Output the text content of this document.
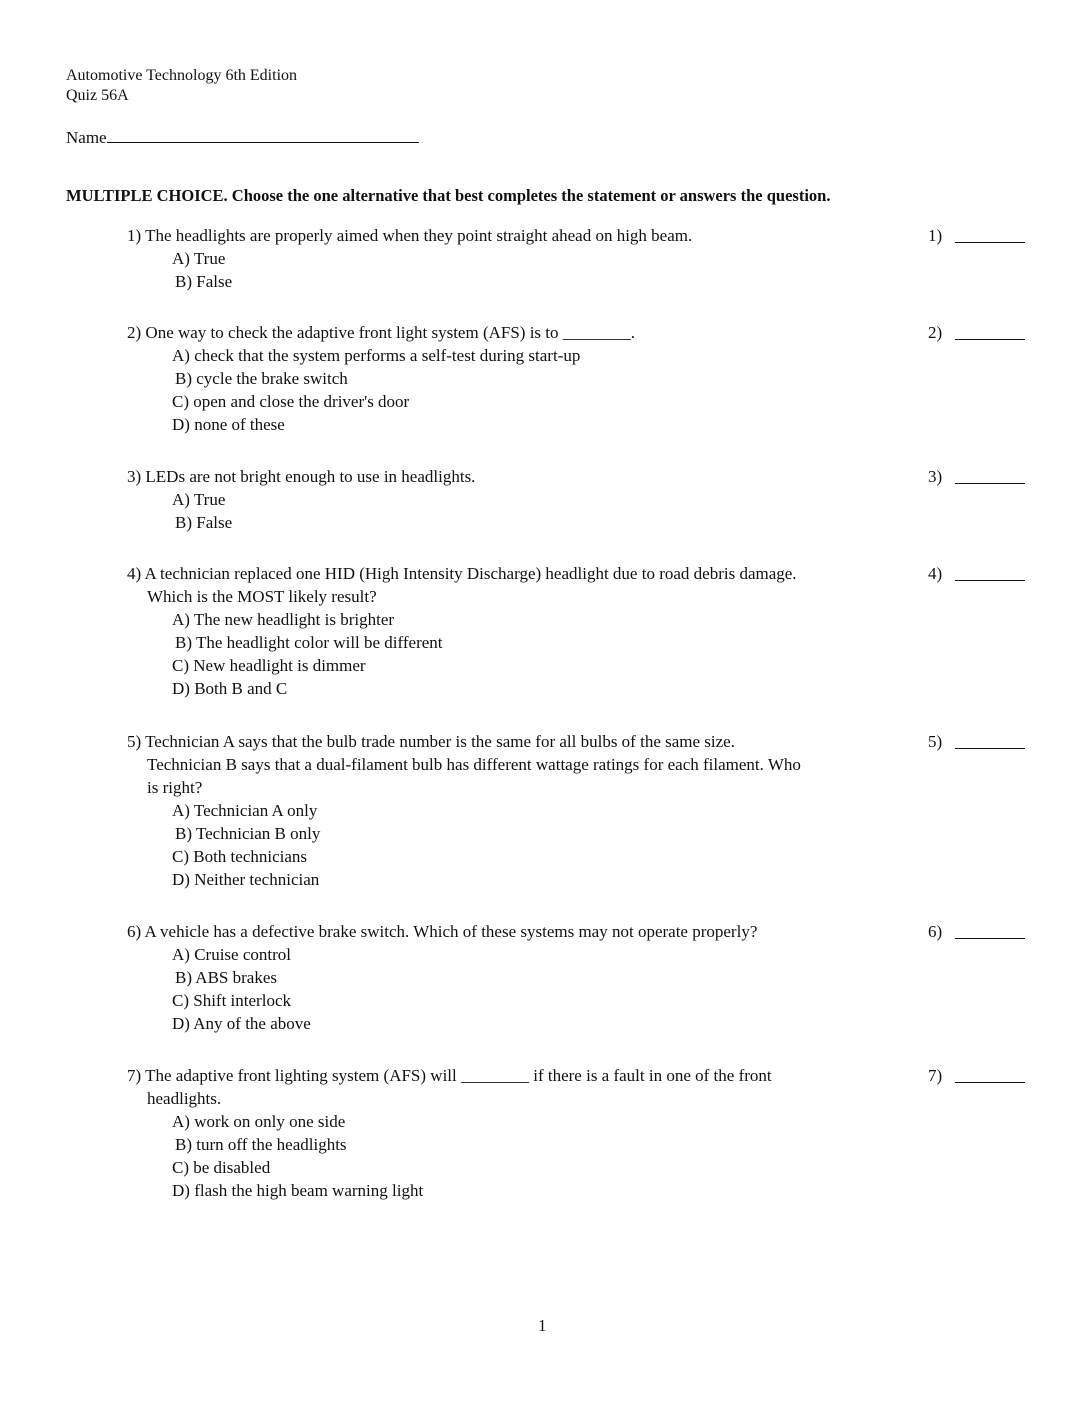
Automotive Technology 6th Edition
Quiz 56A
Name
MULTIPLE CHOICE. Choose the one alternative that best completes the statement or answers the question.
1) The headlights are properly aimed when they point straight ahead on high beam.
A) True
B) False
1)
2) One way to check the adaptive front light system (AFS) is to ________.
A) check that the system performs a self-test during start-up
B) cycle the brake switch
C) open and close the driver's door
D) none of these
2)
3) LEDs are not bright enough to use in headlights.
A) True
B) False
3)
4) A technician replaced one HID (High Intensity Discharge) headlight due to road debris damage.
Which is the MOST likely result?
A) The new headlight is brighter
B) The headlight color will be different
C) New headlight is dimmer
D) Both B and C
4)
5) Technician A says that the bulb trade number is the same for all bulbs of the same size.
Technician B says that a dual-filament bulb has different wattage ratings for each filament. Who
is right?
A) Technician A only
B) Technician B only
C) Both technicians
D) Neither technician
5)
6) A vehicle has a defective brake switch. Which of these systems may not operate properly?
A) Cruise control
B) ABS brakes
C) Shift interlock
D) Any of the above
6)
7) The adaptive front lighting system (AFS) will ________ if there is a fault in one of the front
headlights.
A) work on only one side
B) turn off the headlights
C) be disabled
D) flash the high beam warning light
7)
1
